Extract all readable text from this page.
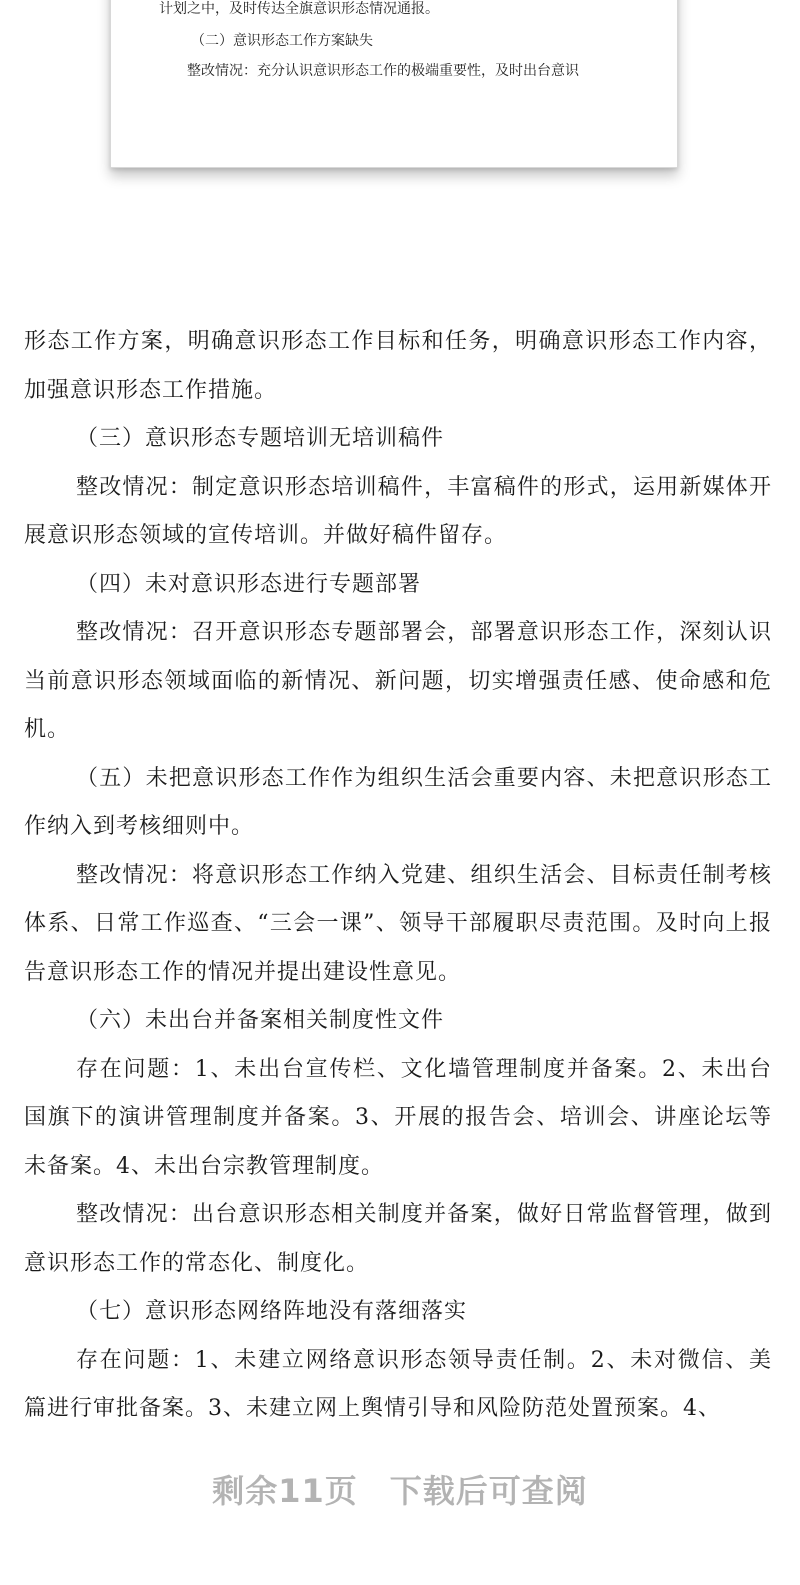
计划之中，及时传达全旗意识形态情况通报。
（二）意识形态工作方案缺失
整改情况：充分认识意识形态工作的极端重要性，及时出台意识

形态工作方案，明确意识形态工作目标和任务，明确意识形态工作内容，加强意识形态工作措施。

（三）意识形态专题培训无培训稿件

整改情况：制定意识形态培训稿件，丰富稿件的形式，运用新媒体开展意识形态领域的宣传培训。并做好稿件留存。

（四）未对意识形态进行专题部署

整改情况：召开意识形态专题部署会，部署意识形态工作，深刻认识当前意识形态领域面临的新情况、新问题，切实增强责任感、使命感和危机。

（五）未把意识形态工作作为组织生活会重要内容、未把意识形态工作纳入到考核细则中。

整改情况：将意识形态工作纳入党建、组织生活会、目标责任制考核体系、日常工作巡查、“三会一课”、领导干部履职尽责范围。及时向上报告意识形态工作的情况并提出建设性意见。

（六）未出台并备案相关制度性文件

存在问题：1、未出台宣传栏、文化墙管理制度并备案。2、未出台国旗下的演讲管理制度并备案。3、开展的报告会、培训会、讲座论坛等未备案。4、未出台宗教管理制度。

整改情况：出台意识形态相关制度并备案，做好日常监督管理，做到意识形态工作的常态化、制度化。

（七）意识形态网络阵地没有落细落实

存在问题：1、未建立网络意识形态领导责任制。2、未对微信、美篇进行审批备案。3、未建立网上舆情引导和风险防范处置预案。4、

剩余11页 下载后可查阅
